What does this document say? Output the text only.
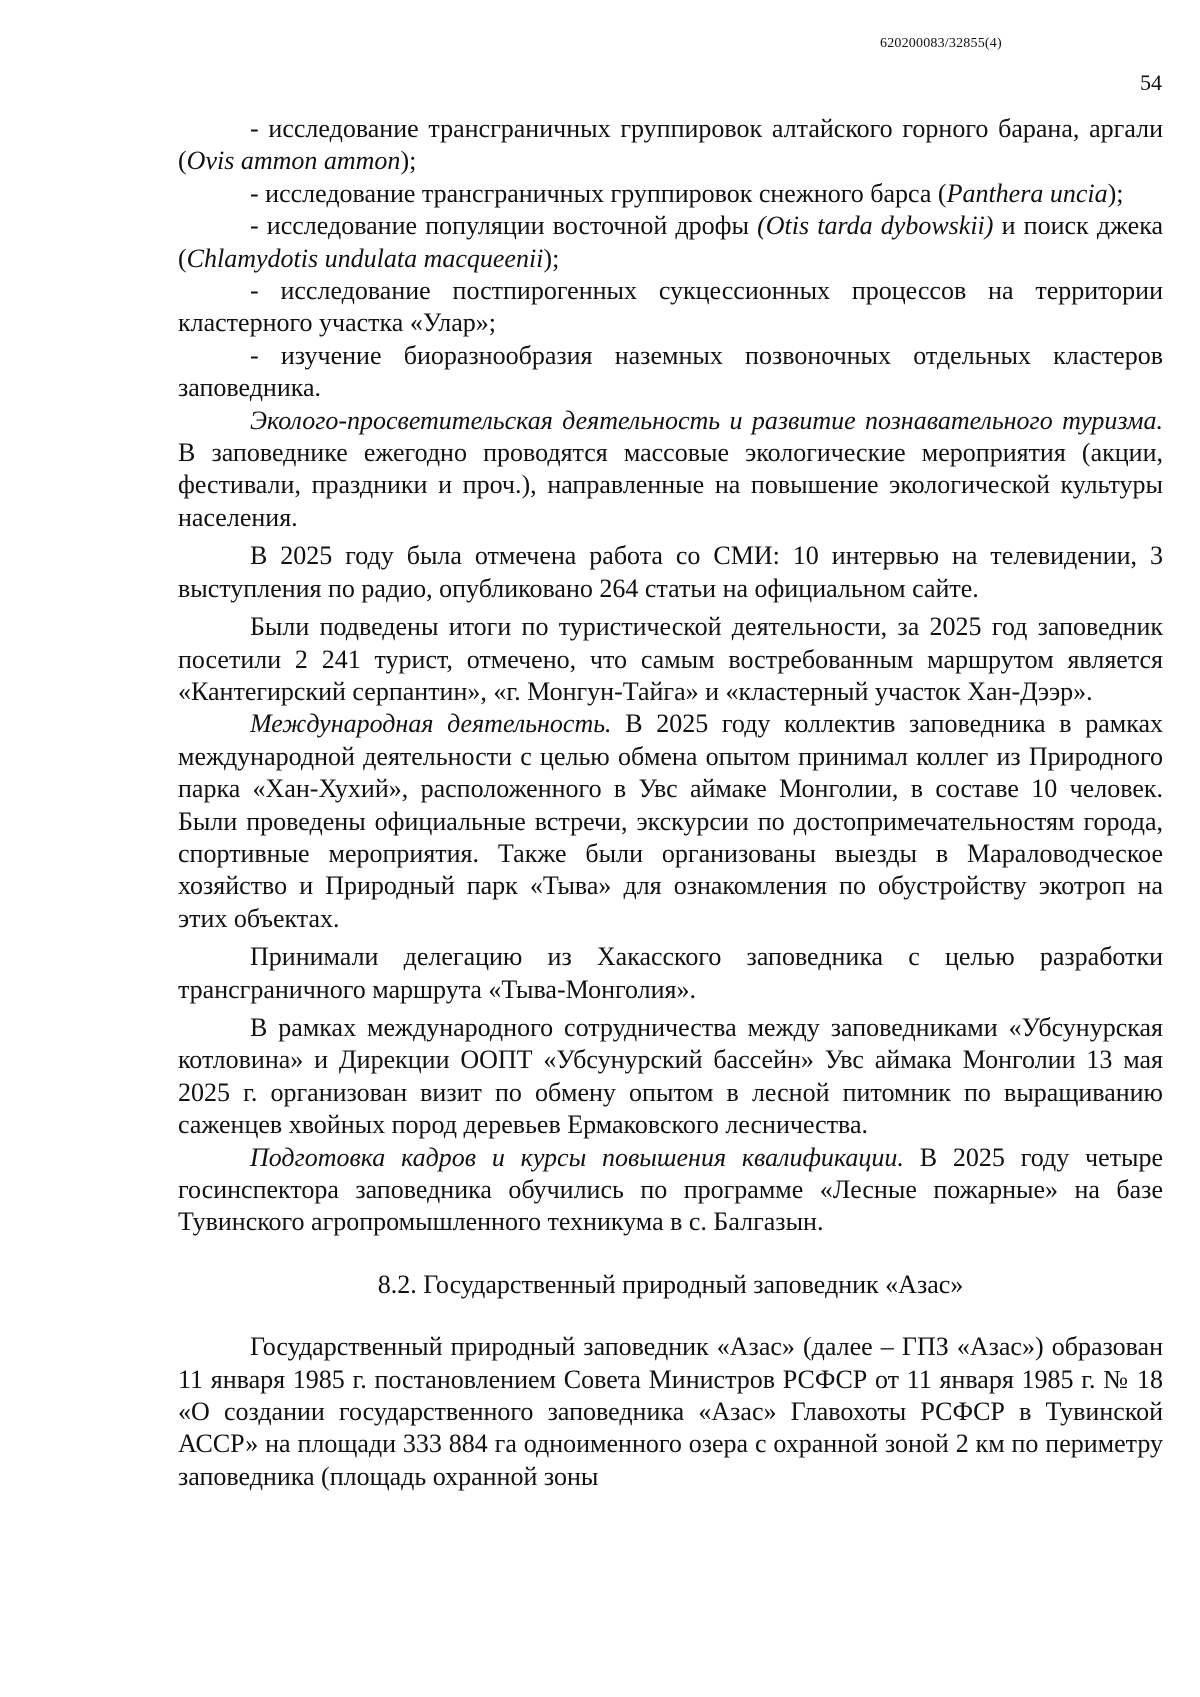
620200083/32855(4)
54

- исследование трансграничных группировок алтайского горного барана, аргали (Ovis ammon ammon);

- исследование трансграничных группировок снежного барса (Panthera uncia);

- исследование популяции восточной дрофы (Otis tarda dybowskii) и поиск джека (Chlamydotis undulata macqueenii);

- исследование постпирогенных сукцессионных процессов на территории кластерного участка «Улар»;

- изучение биоразнообразия наземных позвоночных отдельных кластеров заповедника.

Эколого-просветительская деятельность и развитие познавательного туризма. В заповеднике ежегодно проводятся массовые экологические мероприятия (акции, фестивали, праздники и проч.), направленные на повышение экологической культуры населения.

В 2025 году была отмечена работа со СМИ: 10 интервью на телевидении, 3 выступления по радио, опубликовано 264 статьи на официальном сайте.

Были подведены итоги по туристической деятельности, за 2025 год заповедник посетили 2 241 турист, отмечено, что самым востребованным маршрутом является «Кантегирский серпантин», «г. Монгун-Тайга» и «кластерный участок Хан-Дээр».

Международная деятельность. В 2025 году коллектив заповедника в рамках международной деятельности с целью обмена опытом принимал коллег из Природного парка «Хан-Хухий», расположенного в Увс аймаке Монголии, в составе 10 человек. Были проведены официальные встречи, экскурсии по достопримечательностям города, спортивные мероприятия. Также были организованы выезды в Мараловодческое хозяйство и Природный парк «Тыва» для ознакомления по обустройству экотроп на этих объектах.

Принимали делегацию из Хакасского заповедника с целью разработки трансграничного маршрута «Тыва-Монголия».

В рамках международного сотрудничества между заповедниками «Убсунурская котловина» и Дирекции ООПТ «Убсунурский бассейн» Увс аймака Монголии 13 мая 2025 г. организован визит по обмену опытом в лесной питомник по выращиванию саженцев хвойных пород деревьев Ермаковского лесничества.

Подготовка кадров и курсы повышения квалификации. В 2025 году четыре госинспектора заповедника обучились по программе «Лесные пожарные» на базе Тувинского агропромышленного техникума в с. Балгазын.

8.2. Государственный природный заповедник «Азас»

Государственный природный заповедник «Азас» (далее – ГПЗ «Азас») образован 11 января 1985 г. постановлением Совета Министров РСФСР от 11 января 1985 г. № 18 «О создании государственного заповедника «Азас» Главохоты РСФСР в Тувинской АССР» на площади 333 884 га одноименного озера с охранной зоной 2 км по периметру заповедника (площадь охранной зоны
